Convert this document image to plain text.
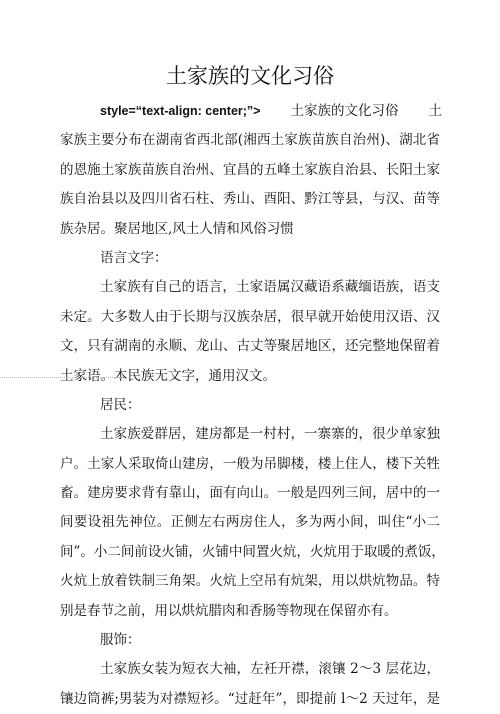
土家族的文化习俗
style=“text-align: center;”> 土家族的文化习俗 土
家族主要分布在湖南省西北部(湘西土家族苗族自治州)、湖北省
的恩施土家族苗族自治州、宜昌的五峰土家族自治县、长阳土家
族自治县以及四川省石柱、秀山、酉阳、黔江等县，与汉、苗等
族杂居。聚居地区,风土人情和风俗习惯
语言文字：
土家族有自己的语言，土家语属汉藏语系藏缅语族，语支
未定。大多数人由于长期与汉族杂居，很早就开始使用汉语、汉
文，只有湖南的永顺、龙山、古丈等聚居地区，还完整地保留着
土家语。本民族无文字，通用汉文。
居民：
土家族爱群居，建房都是一村村，一寨寨的，很少单家独
户。土家人采取倚山建房，一般为吊脚楼，楼上住人，楼下关牲
畜。建房要求背有靠山，面有向山。一般是四列三间，居中的一
间要设祖先神位。正侧左右两房住人，多为两小间，叫住“小二
间”。小二间前设火铺，火铺中间置火炕，火炕用于取暖的煮饭，
火炕上放着铁制三角架。火炕上空吊有炕架，用以烘炕物品。特
别是春节之前，用以烘炕腊肉和香肠等物现在保留亦有。
服饰：
土家族女装为短衣大袖，左衽开襟，滚镶 2～3 层花边，
镶边筒裤;男装为对襟短衫。“过赶年”，即提前 l～2 天过年，是
